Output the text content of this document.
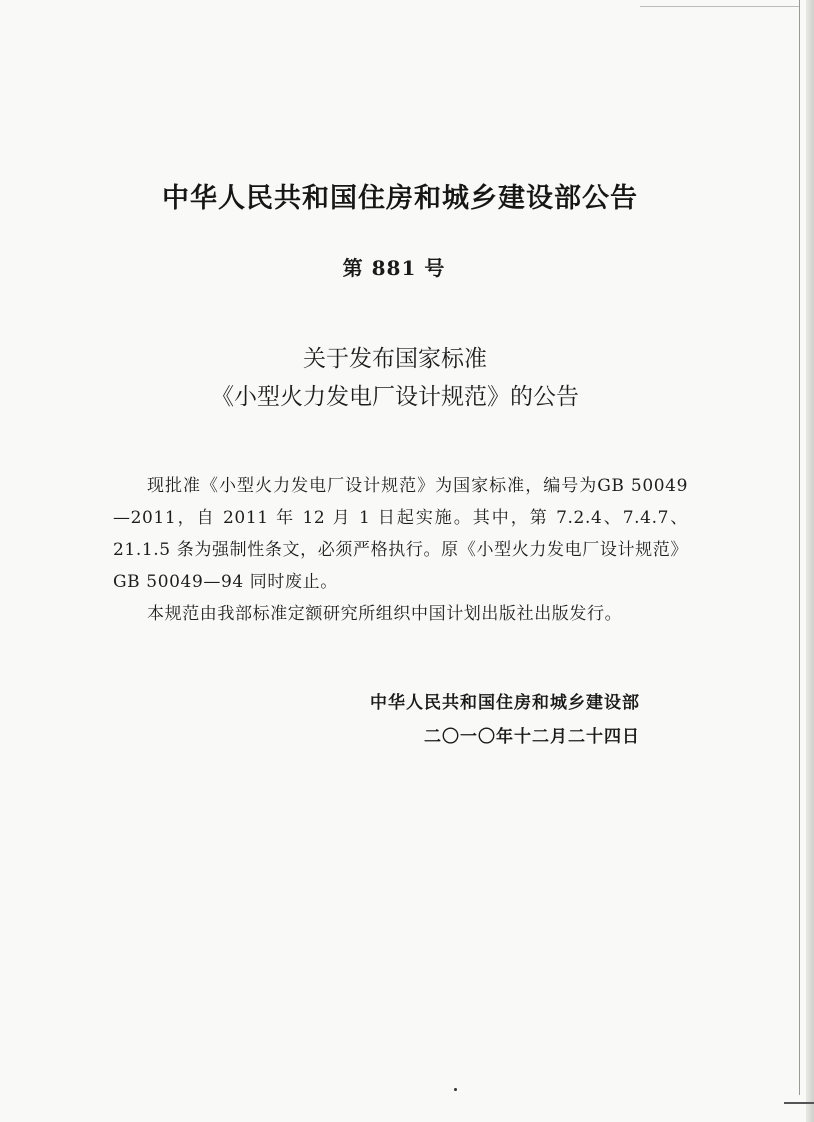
中华人民共和国住房和城乡建设部公告
第 881 号
关于发布国家标准
《小型火力发电厂设计规范》的公告

现批准《小型火力发电厂设计规范》为国家标准，编号为GB 50049—2011，自 2011 年 12 月 1 日起实施。其中，第 7.2.4、7.4.7、21.1.5 条为强制性条文，必须严格执行。原《小型火力发电厂设计规范》GB 50049—94 同时废止。

本规范由我部标准定额研究所组织中国计划出版社出版发行。

中华人民共和国住房和城乡建设部
二〇一〇年十二月二十四日
